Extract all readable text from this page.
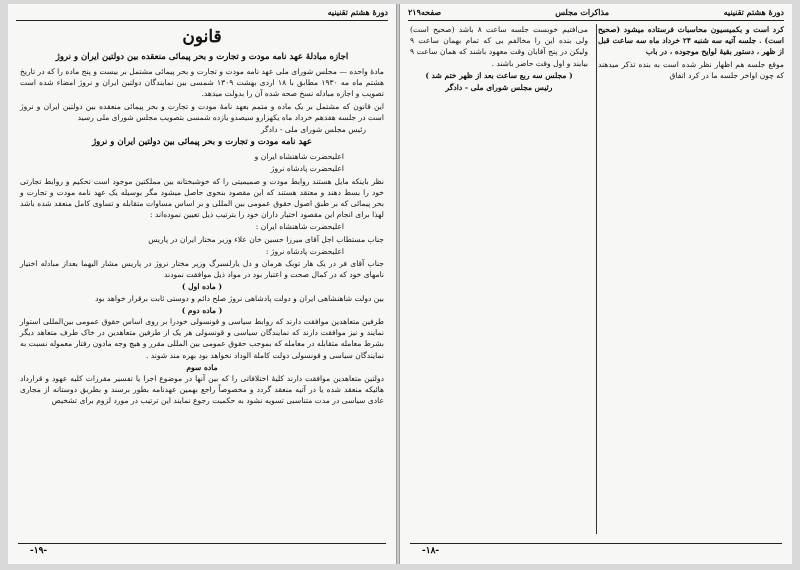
دورهٔ هشتم تقنینیه
قانون
اجازه مبادلهٔ عهد نامه مودت و تجارت و بحر پیمائی منعقده بین دولتین ایران و نروژ

مادهٔ واحده — مجلس شورای ملی عهد نامه مودت و تجارت و بحر پیمائی مشتمل بر بیست و پنج ماده را که در تاریخ هشتم ماه مه ۱۹۳۰ مطابق با ۱۸ اردی بهشت ۱۳۰۹ شمسی بین نمایندگان دولتین ایران و نروژ امضاء شده است تصویب و اجازه مبادله نسخ صحه شده آن را بدولت میدهد.

این قانون که مشتمل بر یک ماده و متمم بعهد نامهٔ مودت و تجارت و بحر پیمائی منعقده بین دولتین ایران و نروژ است در جلسه هفدهم خرداد ماه یکهزارو سیصدو یازده شمسی بتصویب مجلس شورای ملی رسید

رئیس مجلس شورای ملی - دادگر

عهد نامه مودت و تجارت و بحر پیمائی بین دولتین ایران و نروژ

اعلیحضرت شاهنشاه ایران و

اعلیحضرت پادشاه نروژ

نظر باینکه مایل هستند روابط مودت و صمیمیتی را که خوشبختانه بین مملکتین موجود است تحکیم و روابط تجارتی خود را بسط دهند و معتقد هستند که این مقصود بنحوی حاصل میشود مگر بوسیله یک عهد نامه مودت و تجارت و بحر پیمائی که بر طبق اصول حقوق عمومی بین المللی و بر اساس مساوات متقابله و تساوی کامل منعقد شده باشد لهذا برای انجام این مقصود اختیار داران خود را بترتیب ذیل تعیین نموده‌اند :

اعلیحضرت شاهنشاه ایران :

جناب مستطاب اجل آقای میرزا حسین خان علاء وزیر مختار ایران در پاریس

اعلیحضرت پادشاه نروژ :

جناب آقای فر در یک هار توبک هرمان و دل یارلسبرگ وزیر مختار نروژ در پاریس مشار الیهما بعداز مبادله اختیار نامهای خود که در کمال صحت و اعتبار بود در مواد ذیل موافقت نمودند

( ماده اول )

بین دولت شاهنشاهی ایران و دولت پادشاهی نروژ صلح دائم و دوستی ثابت برقرار خواهد بود

( ماده دوم )

طرفین متعاهدین موافقت دارند که روابط سیاسی و قونسولی خودرا بر روی اساس حقوق عمومی بین‌المللی استوار نمایند و نیز موافقت دارند که نمایندگان سیاسی و قونسولی هر یک از طرفین متعاهدین در خاک طرف متعاهد دیگر بشرط معامله متقابله در معامله که بموجب حقوق عمومی بین المللی مقرر و هیچ وجه مادون رفتار معموله نسبت به نمایندگان سیاسی و قونسولی دولت کاملة الوداد نخواهد بود بهره مند شوند .

ماده سوم

دولتین متعاهدین موافقت دارند کلیهٔ اختلافاتی را که بین آنها در موضوع اجرا یا تفسیر مقررات کلیه عهود و قرارداد هائیکه منعقد شده یا در آتیه منعقد گردد و مخصوصاً راجع بهمین عهدنامه بطور برسند و بطریق دوستانه از مجاری عادی سیاسی در مدت متناسبی تسویه نشود به حکمیت رجوع نمایند این ترتیب در مورد لزوم برای تشخیص

-۱۹-
دورهٔ هشتم تقنینیه
مذاکرات مجلس
صفحه۲۱۹

کرد است و بکمیسیون محاسبات فرستاده میشود (صحیح است) . جلسه آتیه سه شنبه ۲۴ خرداد ماه سه ساعت قبل از ظهر ، دستور بقیهٔ لوایح موجوده ، در باب

موقع جلسه هم اظهار نظر شده است به بنده تذکر میدهند که چون اواخر جلسه ما در کرد اتفاق

می‌افتیم خوبست جلسه ساعت ۸ باشد (صحیح است) ولی بنده این را مخالفم بی که تمام بهمان ساعت ۹ ولیکن در پنج آقایان وقت معهود باشند که همان ساعت ۹ بیایند و اول وقت حاضر باشند .

( مجلس سه ربع ساعت بعد از ظهر ختم شد )

رئیس مجلس شورای ملی - دادگر

-۱۸-
